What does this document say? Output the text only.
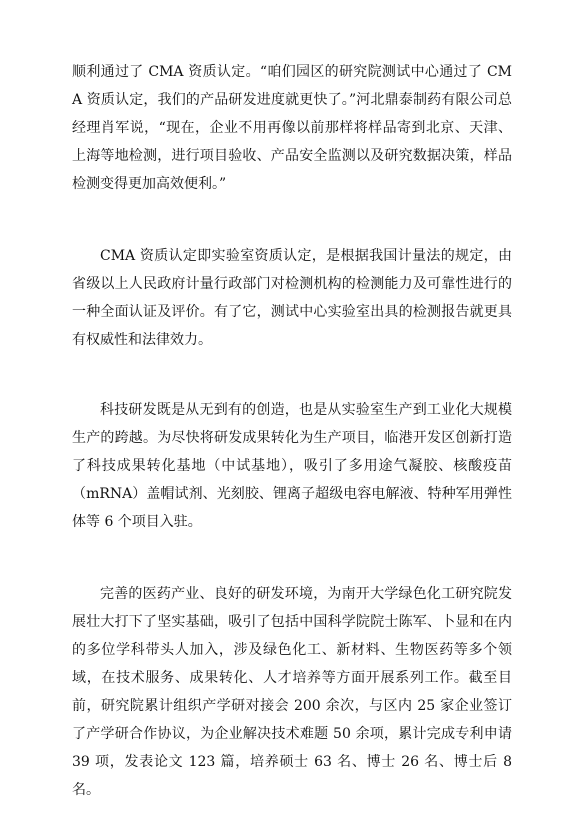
顺利通过了 CMA 资质认定。“咱们园区的研究院测试中心通过了 CMA 资质认定，我们的产品研发进度就更快了。”河北鼎泰制药有限公司总经理肖军说，“现在，企业不用再像以前那样将样品寄到北京、天津、上海等地检测，进行项目验收、产品安全监测以及研究数据决策，样品检测变得更加高效便利。”

CMA 资质认定即实验室资质认定，是根据我国计量法的规定，由省级以上人民政府计量行政部门对检测机构的检测能力及可靠性进行的一种全面认证及评价。有了它，测试中心实验室出具的检测报告就更具有权威性和法律效力。

科技研发既是从无到有的创造，也是从实验室生产到工业化大规模生产的跨越。为尽快将研发成果转化为生产项目，临港开发区创新打造了科技成果转化基地（中试基地），吸引了多用途气凝胶、核酸疫苗（mRNA）盖帽试剂、光刻胶、锂离子超级电容电解液、特种军用弹性体等 6 个项目入驻。

完善的医药产业、良好的研发环境，为南开大学绿色化工研究院发展壮大打下了坚实基础，吸引了包括中国科学院院士陈军、卜显和在内的多位学科带头人加入，涉及绿色化工、新材料、生物医药等多个领域，在技术服务、成果转化、人才培养等方面开展系列工作。截至目前，研究院累计组织产学研对接会 200 余次，与区内 25 家企业签订了产学研合作协议，为企业解决技术难题 50 余项，累计完成专利申请 39 项，发表论文 123 篇，培养硕士 63 名、博士 26 名、博士后 8 名。
